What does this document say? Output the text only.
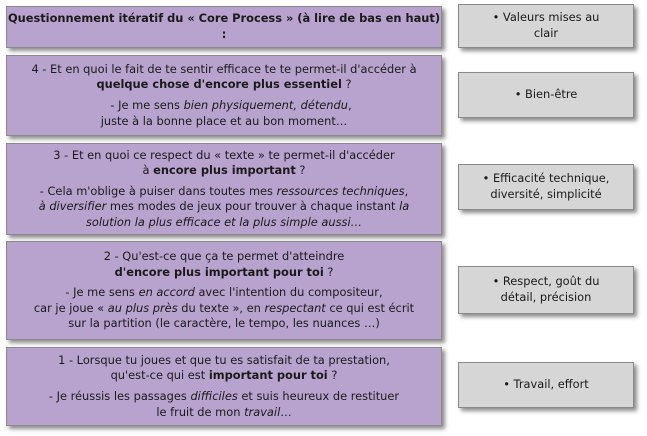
Questionnement itératif du « Core Process » (à lire de bas en haut) :

• Valeurs mises au clair

4 - Et en quoi le fait de te sentir efficace te te permet-il d'accéder à
quelque chose d'encore plus essentiel ?

- Je me sens bien physiquement, détendu,
juste à la bonne place et au bon moment…

• Bien-être

3 - Et en quoi ce respect du « texte » te permet-il d'accéder
à encore plus important ?

- Cela m'oblige à puiser dans toutes mes ressources techniques,
à diversifier mes modes de jeux pour trouver à chaque instant la
solution la plus efficace et la plus simple aussi…

• Efficacité technique, diversité, simplicité

2 - Qu'est-ce que ça te permet d'atteindre
d'encore plus important pour toi ?

- Je me sens en accord avec l'intention du compositeur,
car je joue « au plus près du texte », en respectant ce qui est écrit
sur la partition (le caractère, le tempo, les nuances …)

• Respect, goût du détail, précision

1 - Lorsque tu joues et que tu es satisfait de ta prestation,
qu'est-ce qui est important pour toi ?

- Je réussis les passages difficiles et suis heureux de restituer
le fruit de mon travail…

• Travail, effort
